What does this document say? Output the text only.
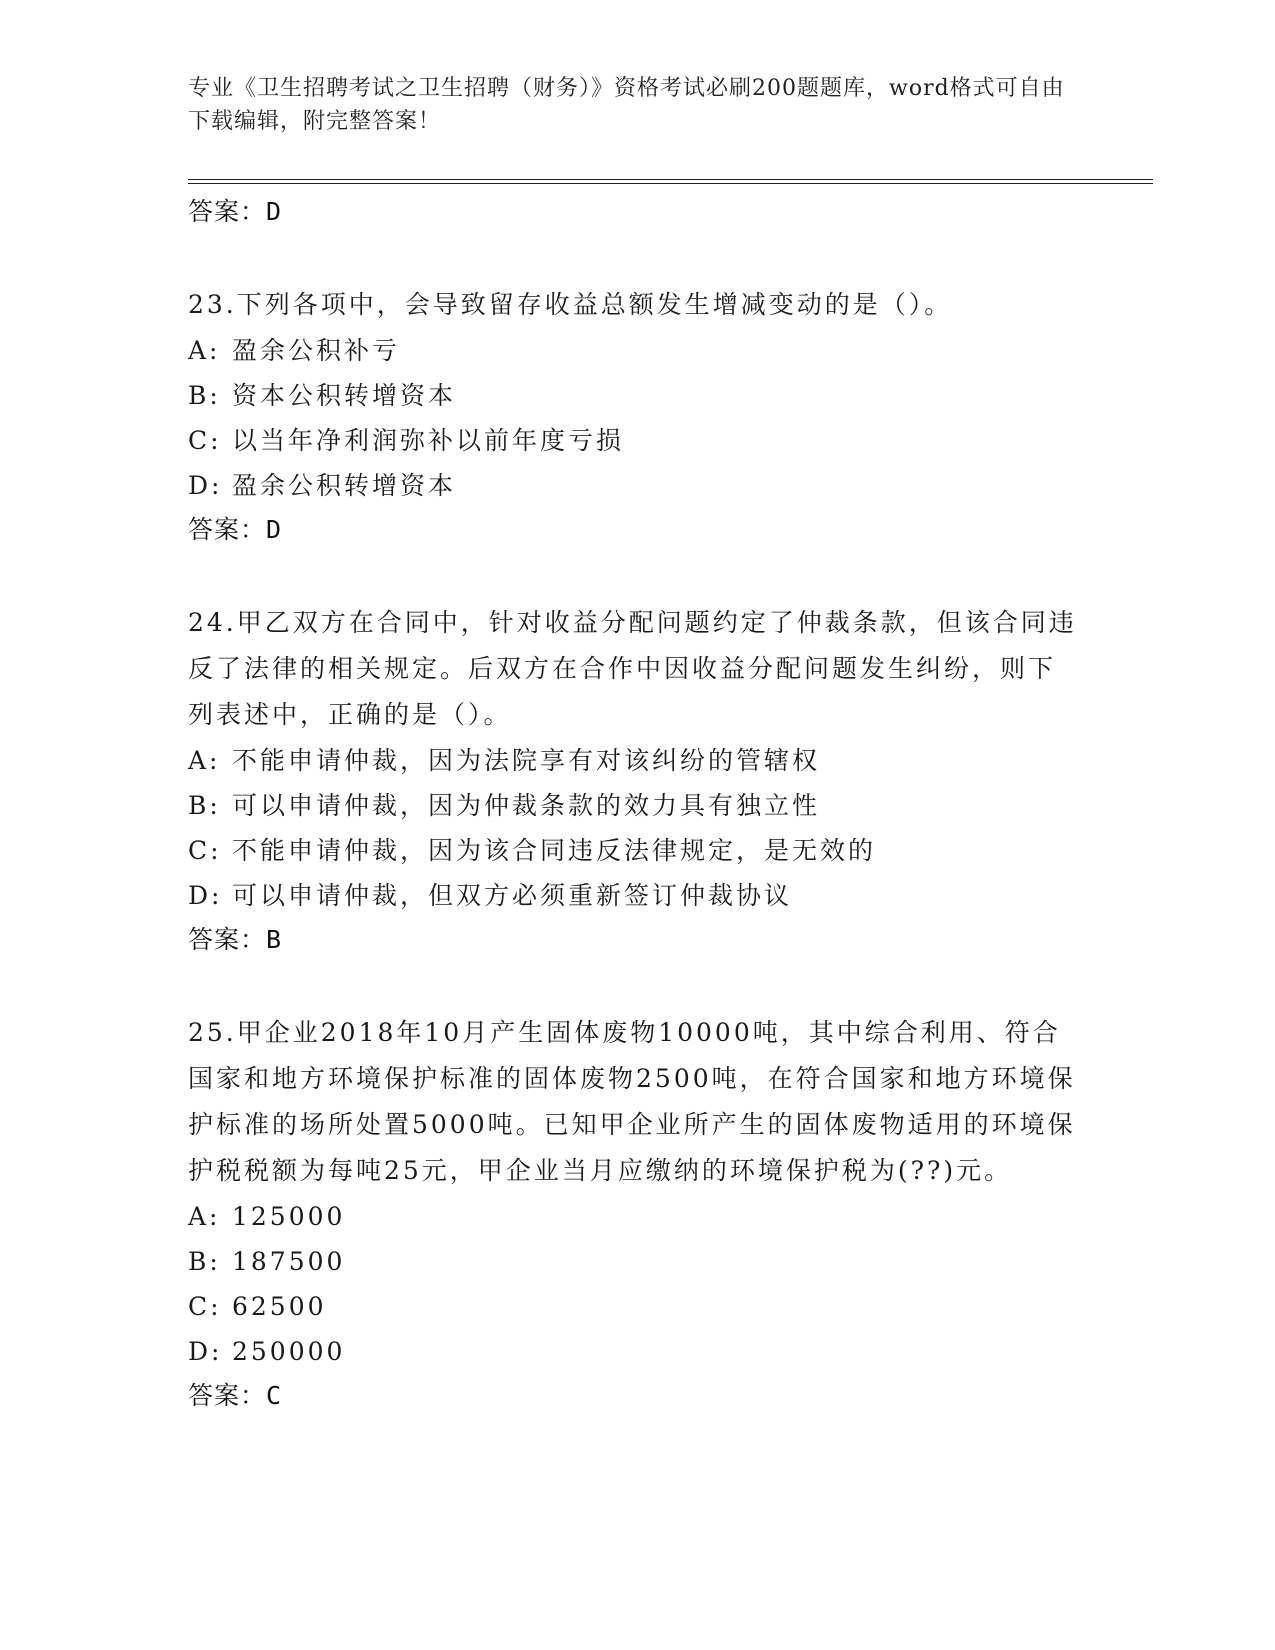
专业《卫生招聘考试之卫生招聘（财务）》资格考试必刷200题题库，word格式可自由下载编辑，附完整答案！
答案：D
23.下列各项中，会导致留存收益总额发生增减变动的是（）。
A: 盈余公积补亏
B: 资本公积转增资本
C: 以当年净利润弥补以前年度亏损
D: 盈余公积转增资本
答案：D
24.甲乙双方在合同中，针对收益分配问题约定了仲裁条款，但该合同违反了法律的相关规定。后双方在合作中因收益分配问题发生纠纷，则下列表述中，正确的是（）。
A: 不能申请仲裁，因为法院享有对该纠纷的管辖权
B: 可以申请仲裁，因为仲裁条款的效力具有独立性
C: 不能申请仲裁，因为该合同违反法律规定，是无效的
D: 可以申请仲裁，但双方必须重新签订仲裁协议
答案：B
25.甲企业2018年10月产生固体废物10000吨，其中综合利用、符合国家和地方环境保护标准的固体废物2500吨，在符合国家和地方环境保护标准的场所处置5000吨。已知甲企业所产生的固体废物适用的环境保护税税额为每吨25元，甲企业当月应缴纳的环境保护税为(??)元。
A: 125000
B: 187500
C: 62500
D: 250000
答案：C
